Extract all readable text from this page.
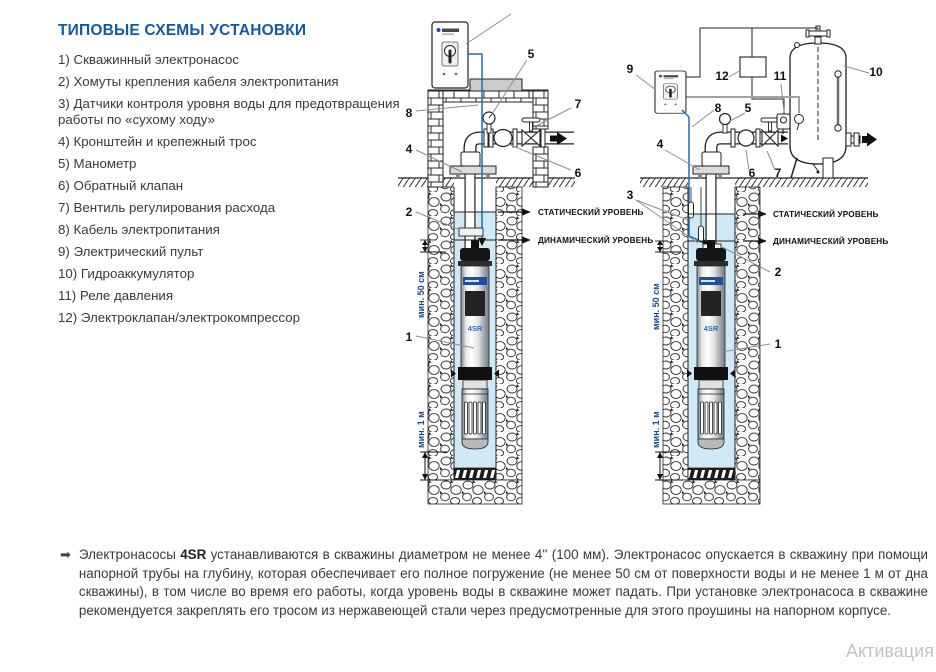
ТИПОВЫЕ СХЕМЫ УСТАНОВКИ
1) Скважинный электронасос
2) Хомуты крепления кабеля электропитания
3) Датчики контроля уровня воды для предотвращения работы по «сухому ходу»
4) Кронштейн и крепежный трос
5) Манометр
6) Обратный клапан
7) Вентиль регулирования расхода
8) Кабель электропитания
9) Электрический пульт
10) Гидроаккумулятор
11) Реле давления
12) Электроклапан/электрокомпрессор
4SR
СТАТИЧЕСКИЙ УРОВЕНЬ
ДИНАМИЧЕСКИЙ УРОВЕНЬ
мин. 50 см
мин. 1 м
5
7
6
8
4
2
1
СТАТИЧЕСКИЙ УРОВЕНЬ
ДИНАМИЧЕСКИЙ УРОВЕНЬ
мин. 50 см
мин. 1 м
9	12	11	10
8 5
4
6 7
3
2
1
➡ Электронасосы 4SR устанавливаются в скважины диаметром не менее 4'' (100 мм). Электронасос опускается в скважину при помощи напорной трубы на глубину, которая обеспечивает его полное погружение (не менее 50 см от поверхности воды и не менее 1 м от дна скважины), в том числе во время его работы, когда уровень воды в скважине может падать. При установке электронасоса в скважине рекомендуется закреплять его тросом из нержавеющей стали через предусмотренные для этого проушины на напорном корпусе.
Активация
